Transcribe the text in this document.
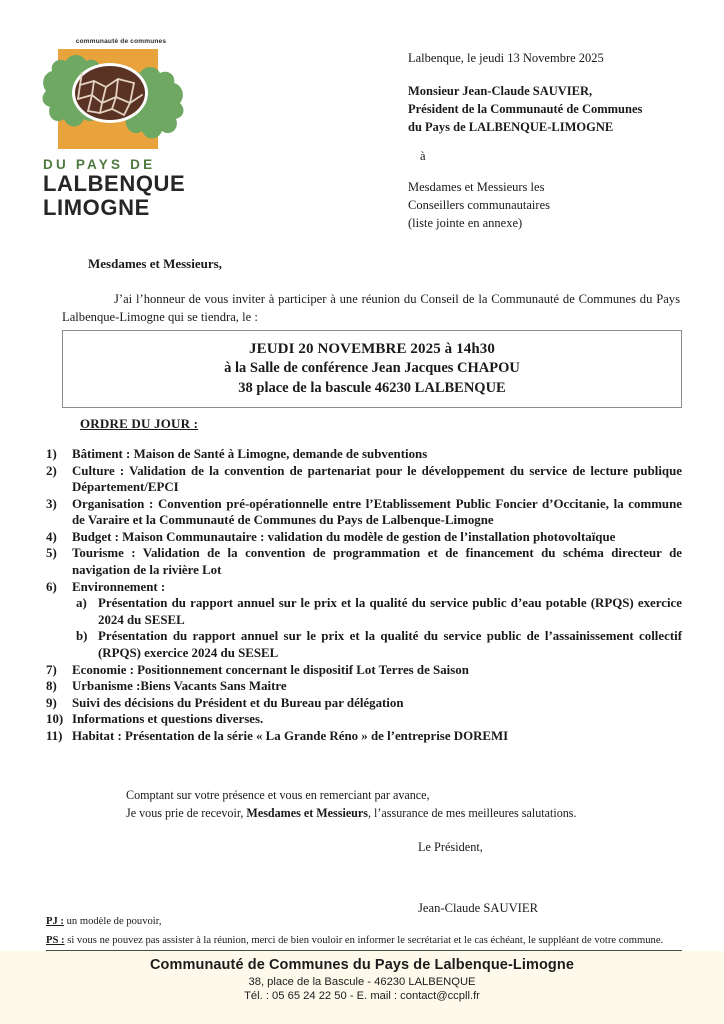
communauté de communes
DU PAYS DE
LALBENQUE
LIMOGNE
Lalbenque, le jeudi 13 Novembre 2025
Monsieur Jean-Claude SAUVIER,
Président de la Communauté de Communes
du Pays de LALBENQUE-LIMOGNE
à
Mesdames et Messieurs les
Conseillers communautaires
(liste jointe en annexe)
Mesdames et Messieurs,
J’ai l’honneur de vous inviter à participer à une réunion du Conseil de la Communauté de Communes du Pays Lalbenque-Limogne qui se tiendra, le :
JEUDI 20 NOVEMBRE 2025 à 14h30
à la Salle de conférence Jean Jacques CHAPOU
38 place de la bascule 46230 LALBENQUE
ORDRE DU JOUR :
1)	Bâtiment : Maison de Santé à Limogne, demande de subventions
2)	Culture : Validation de la convention de partenariat pour le développement du service de lecture publique Département/EPCI
3)	Organisation : Convention pré-opérationnelle entre l’Etablissement Public Foncier d’Occitanie, la commune de Varaire et la Communauté de Communes du Pays de Lalbenque-Limogne
4)	Budget : Maison Communautaire : validation du modèle de gestion de l’installation photovoltaïque
5)	Tourisme : Validation de la convention de programmation et de financement du schéma directeur de navigation de la rivière Lot
6)	Environnement :
a) Présentation du rapport annuel sur le prix et la qualité du service public d’eau potable (RPQS) exercice 2024 du SESEL
b) Présentation du rapport annuel sur le prix et la qualité du service public de l’assainissement collectif (RPQS) exercice 2024 du SESEL
7)	Economie : Positionnement concernant le dispositif Lot Terres de Saison
8)	Urbanisme :Biens Vacants Sans Maitre
9)	Suivi des décisions du Président et du Bureau par délégation
10) Informations et questions diverses.
11) Habitat : Présentation de la série « La Grande Réno » de l’entreprise DOREMI
Comptant sur votre présence et vous en remerciant par avance,
Je vous prie de recevoir, Mesdames et Messieurs, l’assurance de mes meilleures salutations.
Le Président,
Jean-Claude SAUVIER

PJ : un modèle de pouvoir,

PS : si vous ne pouvez pas assister à la réunion, merci de bien vouloir en informer le secrétariat et le cas échéant, le suppléant de votre commune.

Communauté de Communes du Pays de Lalbenque-Limogne
38, place de la Bascule - 46230 LALBENQUE
Tél. : 05 65 24 22 50 - E. mail : contact@ccpll.fr
